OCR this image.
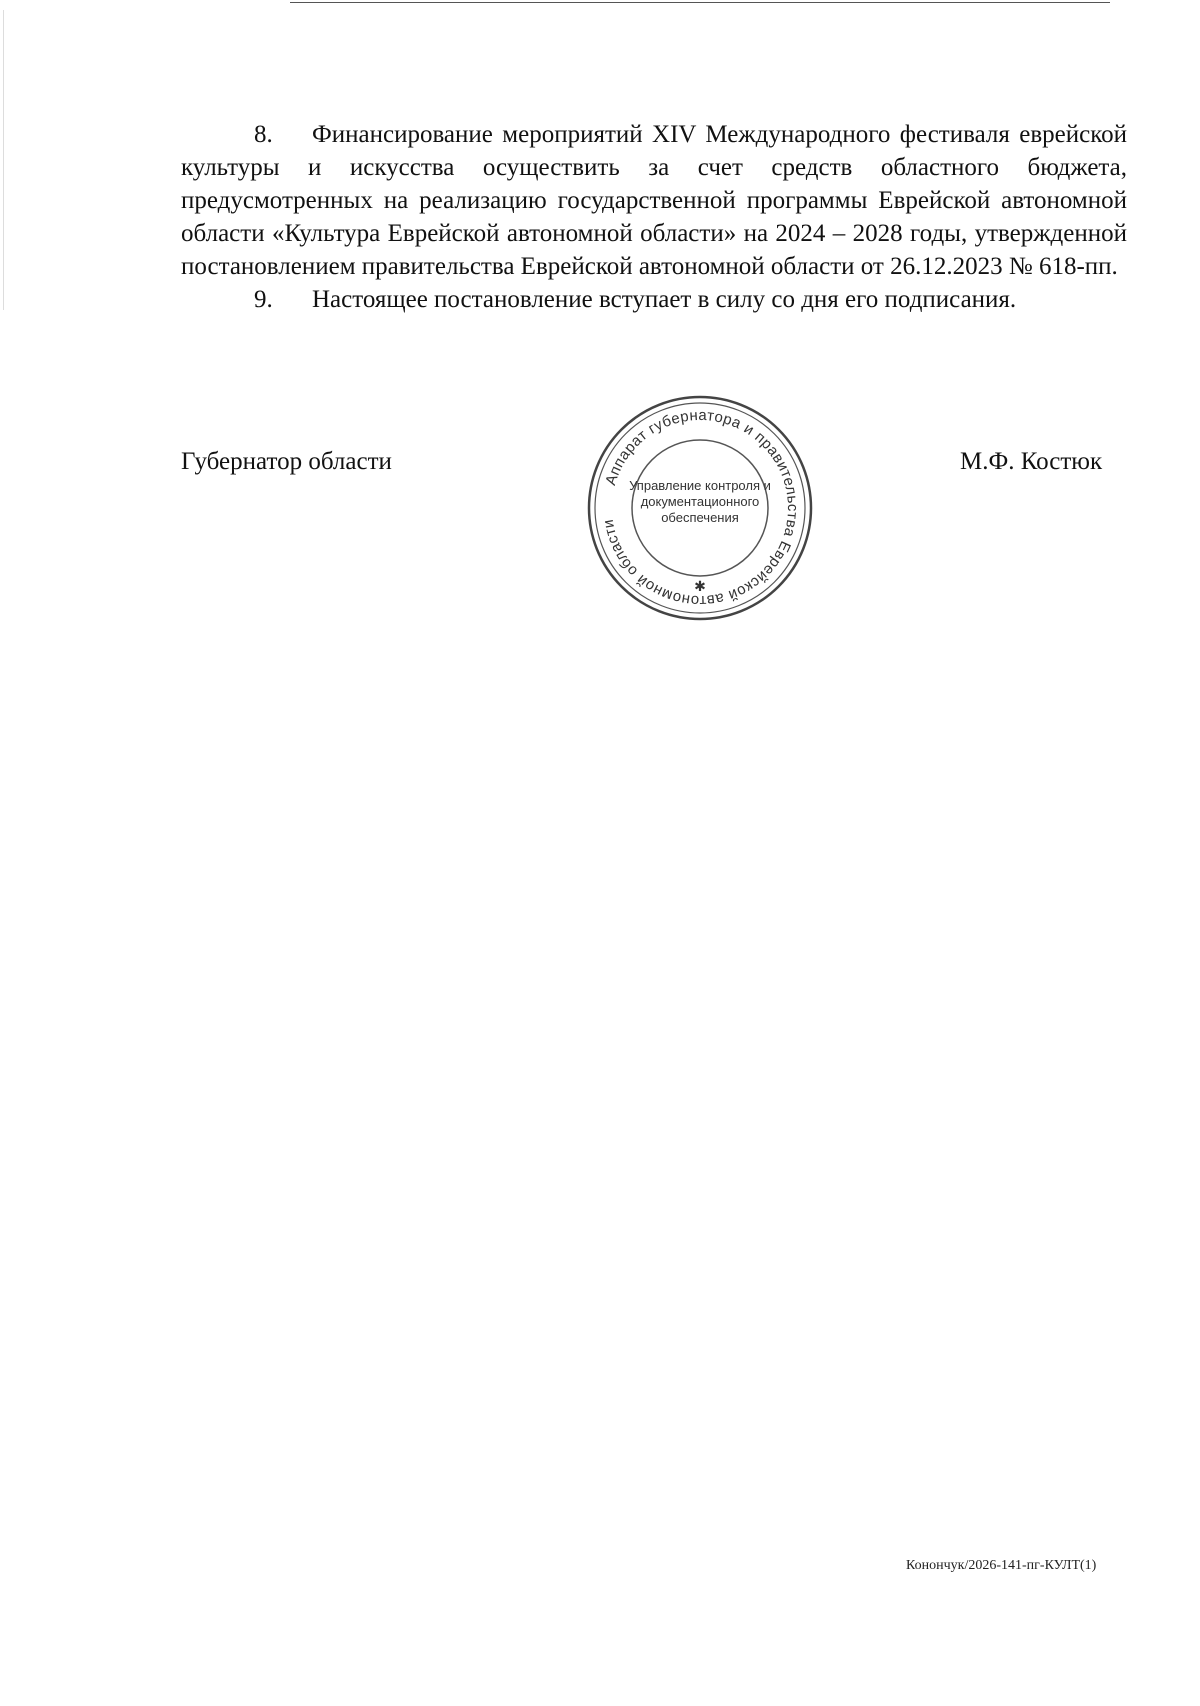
8. Финансирование мероприятий XIV Международного фестиваля еврейской культуры и искусства осуществить за счет средств областного бюджета, предусмотренных на реализацию государственной программы Еврейской автономной области «Культура Еврейской автономной области» на 2024 – 2028 годы, утвержденной постановлением правительства Еврейской автономной области от 26.12.2023 № 618-пп.

9. Настоящее постановление вступает в силу со дня его подписания.

Губернатор области
Аппарат губернатора и правительства Еврейской автономной области
✱
Управление контроля и
документационного
обеспечения
М.Ф. Костюк
Конончук/2026-141-пг-КУЛТ(1)
